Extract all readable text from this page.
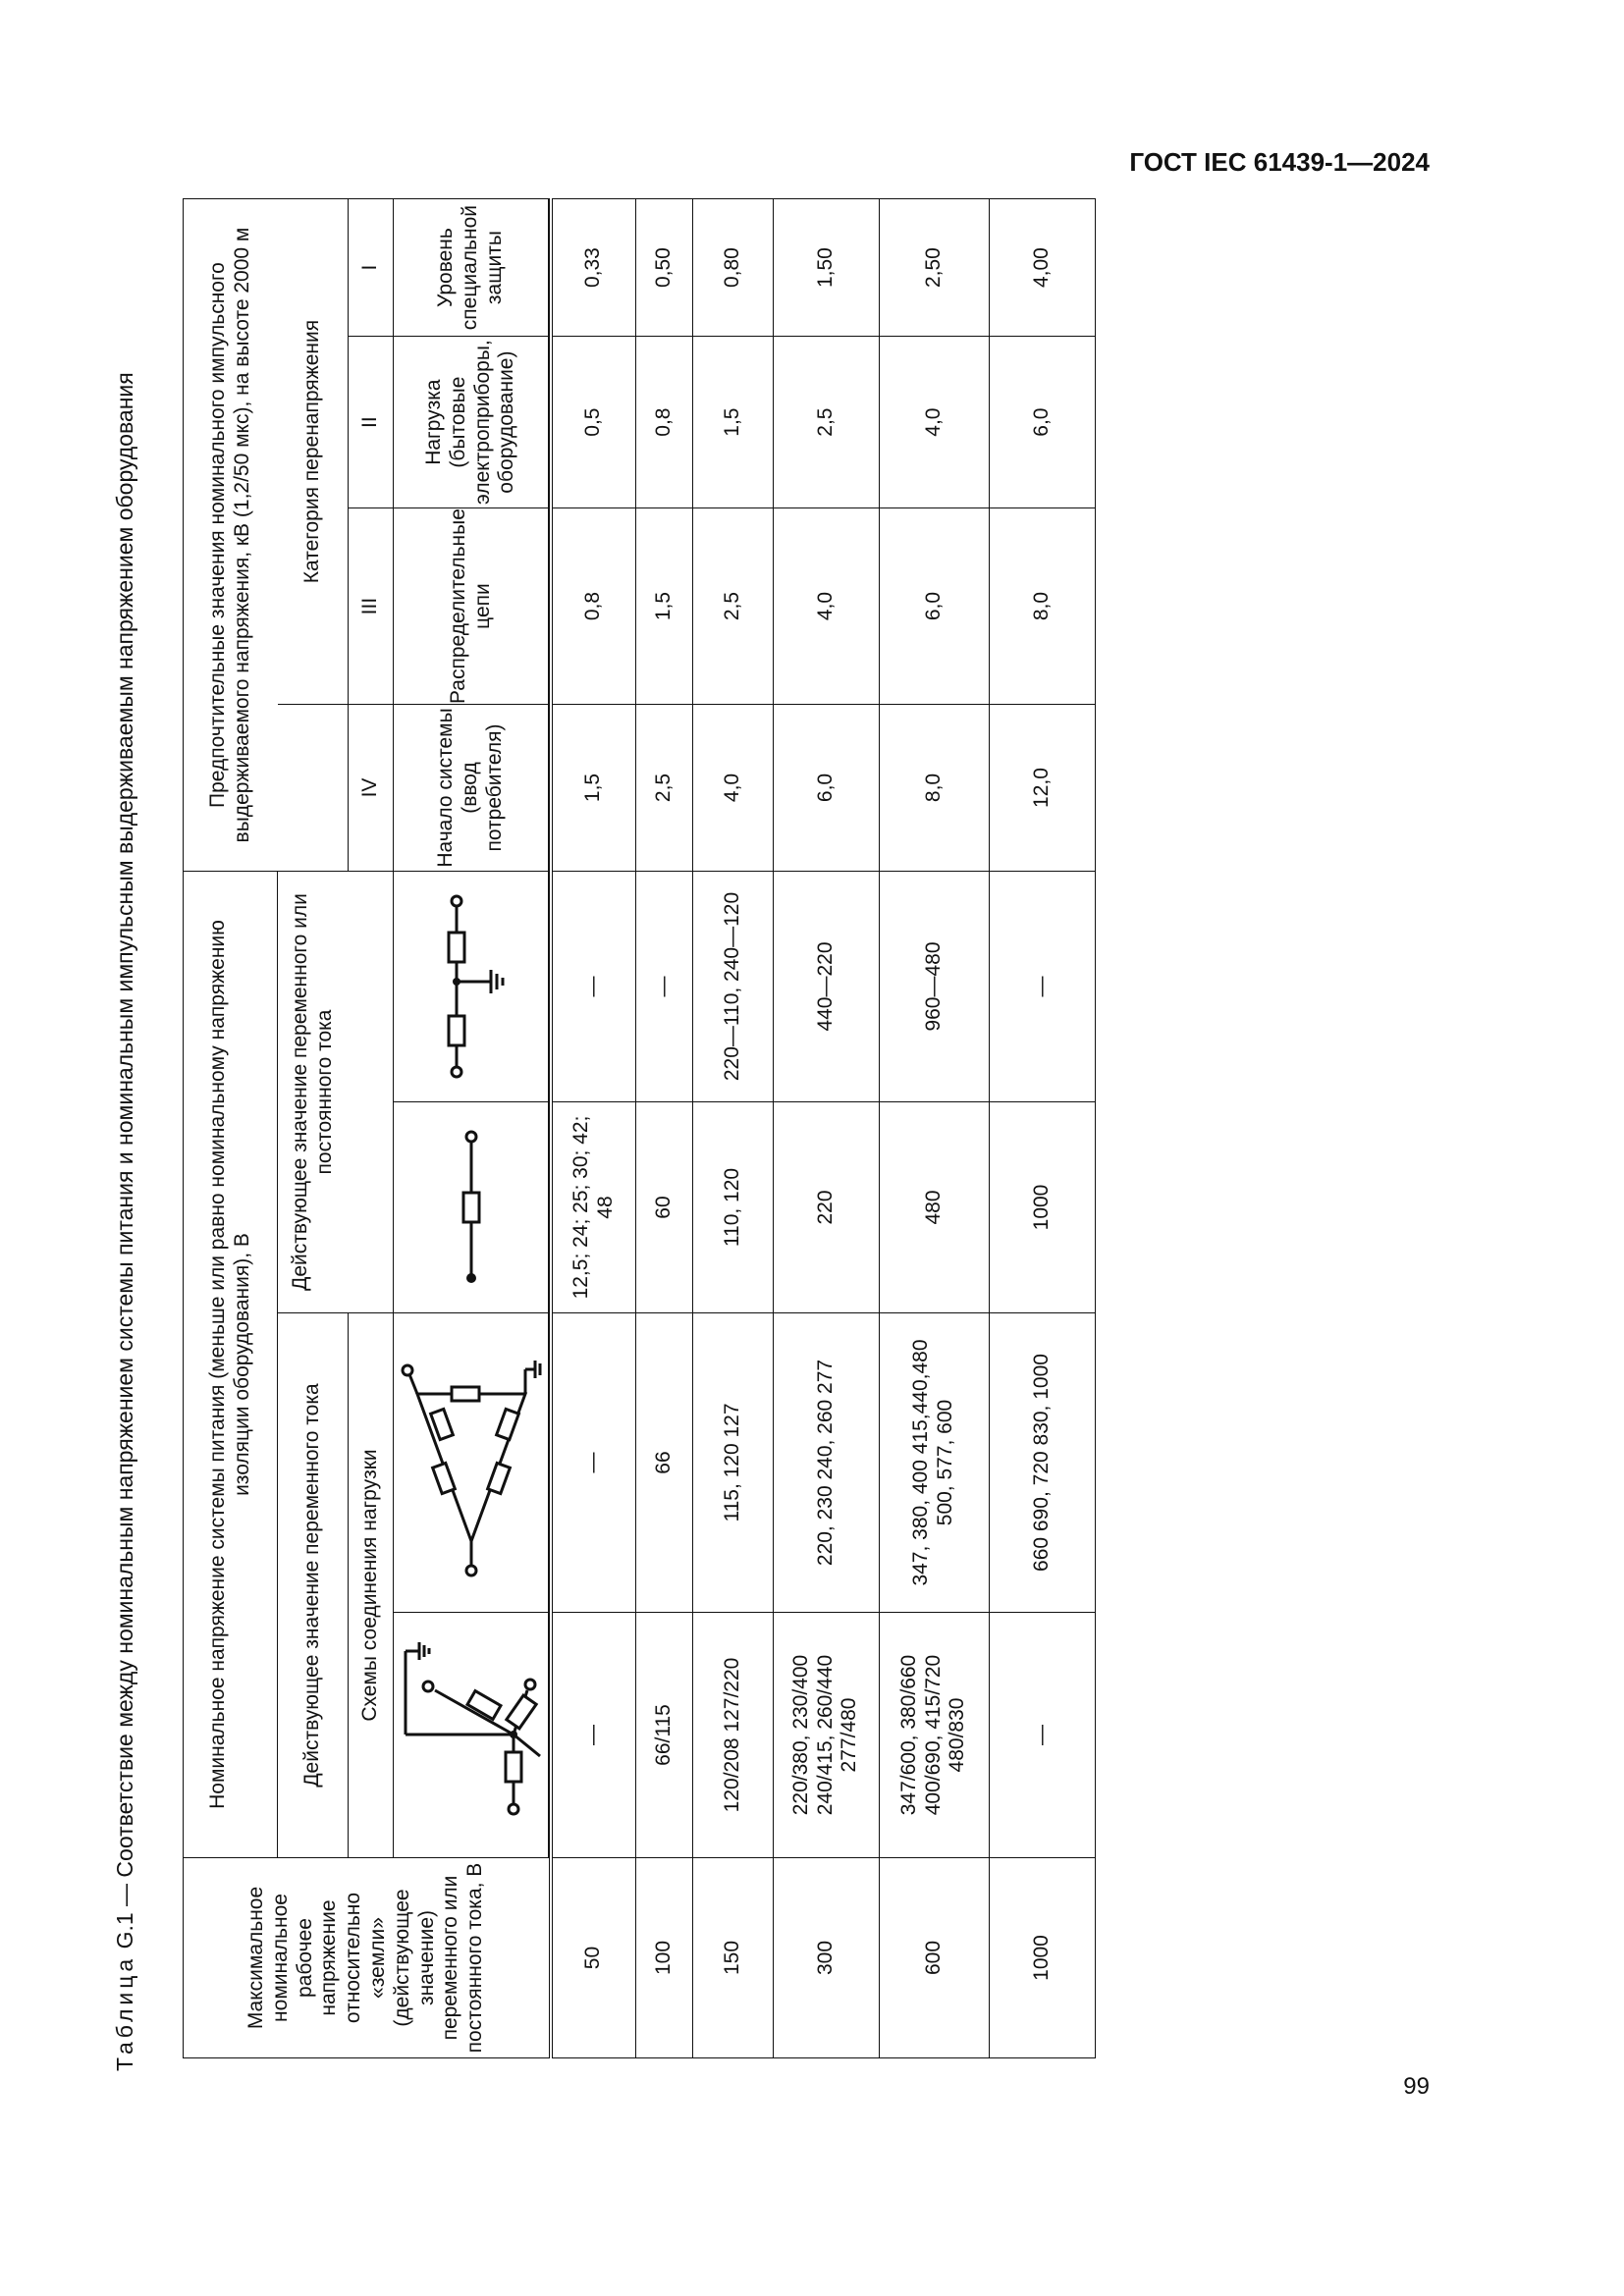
ГОСТ IEC 61439-1—2024
99
Таблица G.1 — Соответствие между номинальным напряжением системы питания и номинальным импульсным выдерживаемым напряжением оборудования
Максимальное номинальное рабочее напряжение относительно «земли» (действующее значение) переменного или постоянного тока, В	Номинальное напряжение системы питания (меньше или равно номинальному напряжению изоляции оборудования), В				Предпочтительные значения номинального импульсного выдерживаемого напряжения, кВ (1,2/50 мкс), на высоте 2000 м			
	Действующее значение переменного тока		Действующее значение переменного или постоянного тока			Категория перенапряжения		
	Схемы соединения нагрузки				IV	III	II	I

	Начало системы (ввод потребителя)	Распределительные цепи	Нагрузка (бытовые электроприборы, оборудование)	Уровень специальной защиты

50	—	—	12,5; 24; 25; 30; 42; 48	—	1,5	0,8	0,5	0,33
100	66/115	66	60	—	2,5	1,5	0,8	0,50
150	120/208 127/220	115, 120 127	110, 120	220—110, 240—120	4,0	2,5	1,5	0,80
300	220/380, 230/400 240/415, 260/440 277/480	220, 230 240, 260 277	220	440—220	6,0	4,0	2,5	1,50
600	347/600, 380/660 400/690, 415/720 480/830	347, 380, 400 415,440,480 500, 577, 600	480	960—480	8,0	6,0	4,0	2,50
1000	—	660 690, 720 830, 1000	1000	—	12,0	8,0	6,0	4,00
